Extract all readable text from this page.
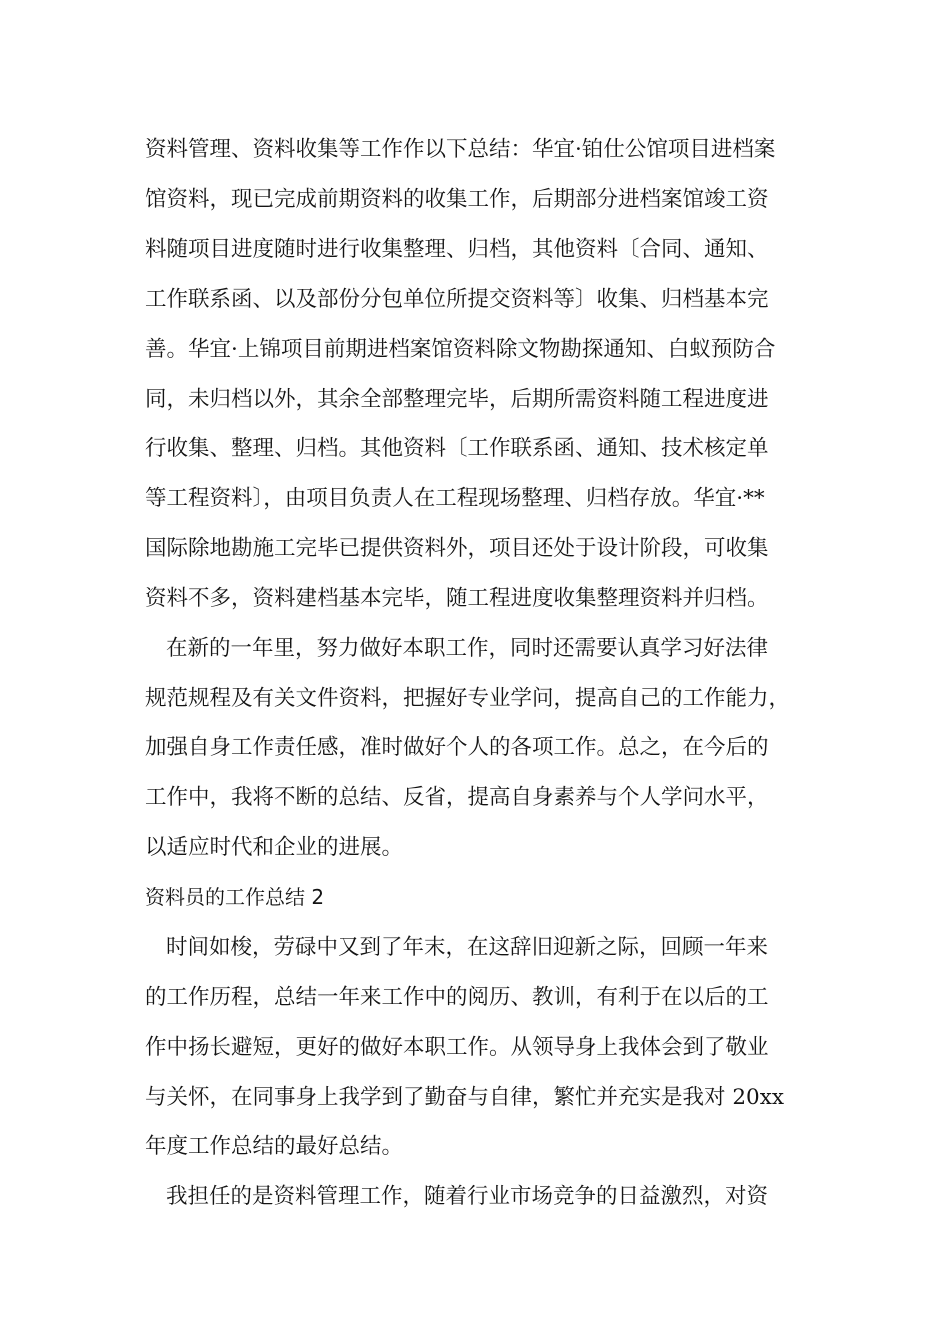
资料管理、资料收集等工作作以下总结：华宜·铂仕公馆项目进档案
馆资料，现已完成前期资料的收集工作，后期部分进档案馆竣工资
料随项目进度随时进行收集整理、归档，其他资料〔合同、通知、
工作联系函、以及部份分包单位所提交资料等〕收集、归档基本完
善。华宜·上锦项目前期进档案馆资料除文物勘探通知、白蚁预防合
同，未归档以外，其余全部整理完毕，后期所需资料随工程进度进
行收集、整理、归档。其他资料〔工作联系函、通知、技术核定单
等工程资料〕，由项目负责人在工程现场整理、归档存放。华宜·**
国际除地勘施工完毕已提供资料外，项目还处于设计阶段，可收集
资料不多，资料建档基本完毕，随工程进度收集整理资料并归档。
在新的一年里，努力做好本职工作，同时还需要认真学习好法律
规范规程及有关文件资料，把握好专业学问，提高自己的工作能力，
加强自身工作责任感，准时做好个人的各项工作。总之，在今后的
工作中，我将不断的总结、反省，提高自身素养与个人学问水平，
以适应时代和企业的进展。
资料员的工作总结 2
时间如梭，劳碌中又到了年末，在这辞旧迎新之际，回顾一年来
的工作历程，总结一年来工作中的阅历、教训，有利于在以后的工
作中扬长避短，更好的做好本职工作。从领导身上我体会到了敬业
与关怀，在同事身上我学到了勤奋与自律，繁忙并充实是我对 20xx
年度工作总结的最好总结。
我担任的是资料管理工作，随着行业市场竞争的日益激烈，对资
